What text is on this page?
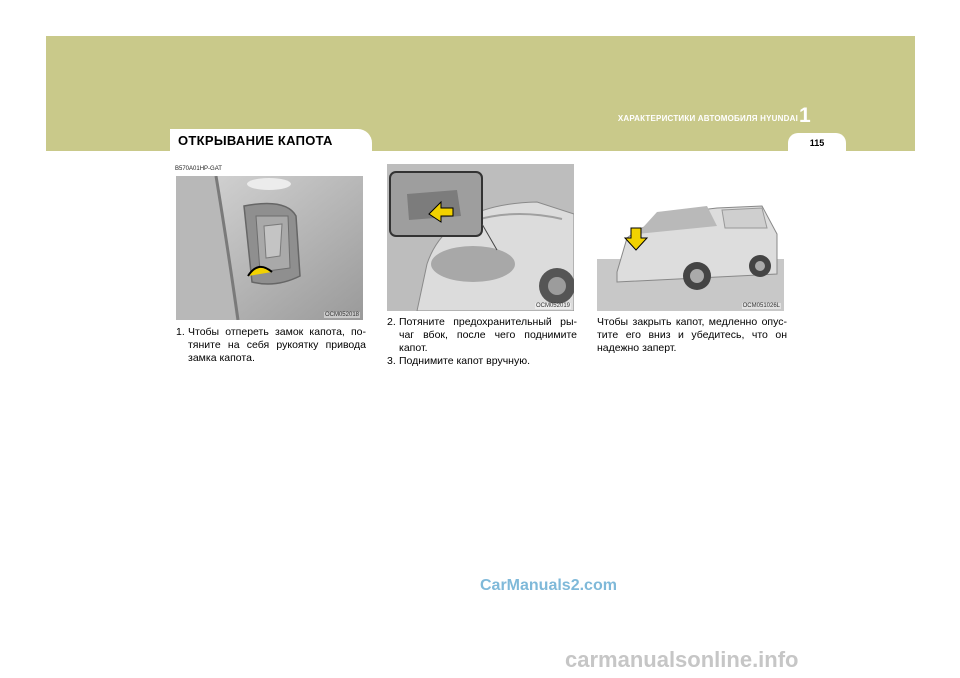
ХАРАКТЕРИСТИКИ АВТОМОБИЛЯ HYUNDAI 1
115
ОТКРЫВАНИЕ КАПОТА
B570A01HP-GAT
OCM052018
OCM052019	OCM051026L
1. Чтобы отпереть замок капота, по-тяните на себя рукоятку привода замка капота.
2. Потяните предохранительный ры-чаг вбок, после чего поднимите капот.
3. Поднимите капот вручную.
Чтобы закрыть капот, медленно опус-тите его вниз и убедитесь, что он надежно заперт.
CarManuals2.com
carmanualsonline.info
